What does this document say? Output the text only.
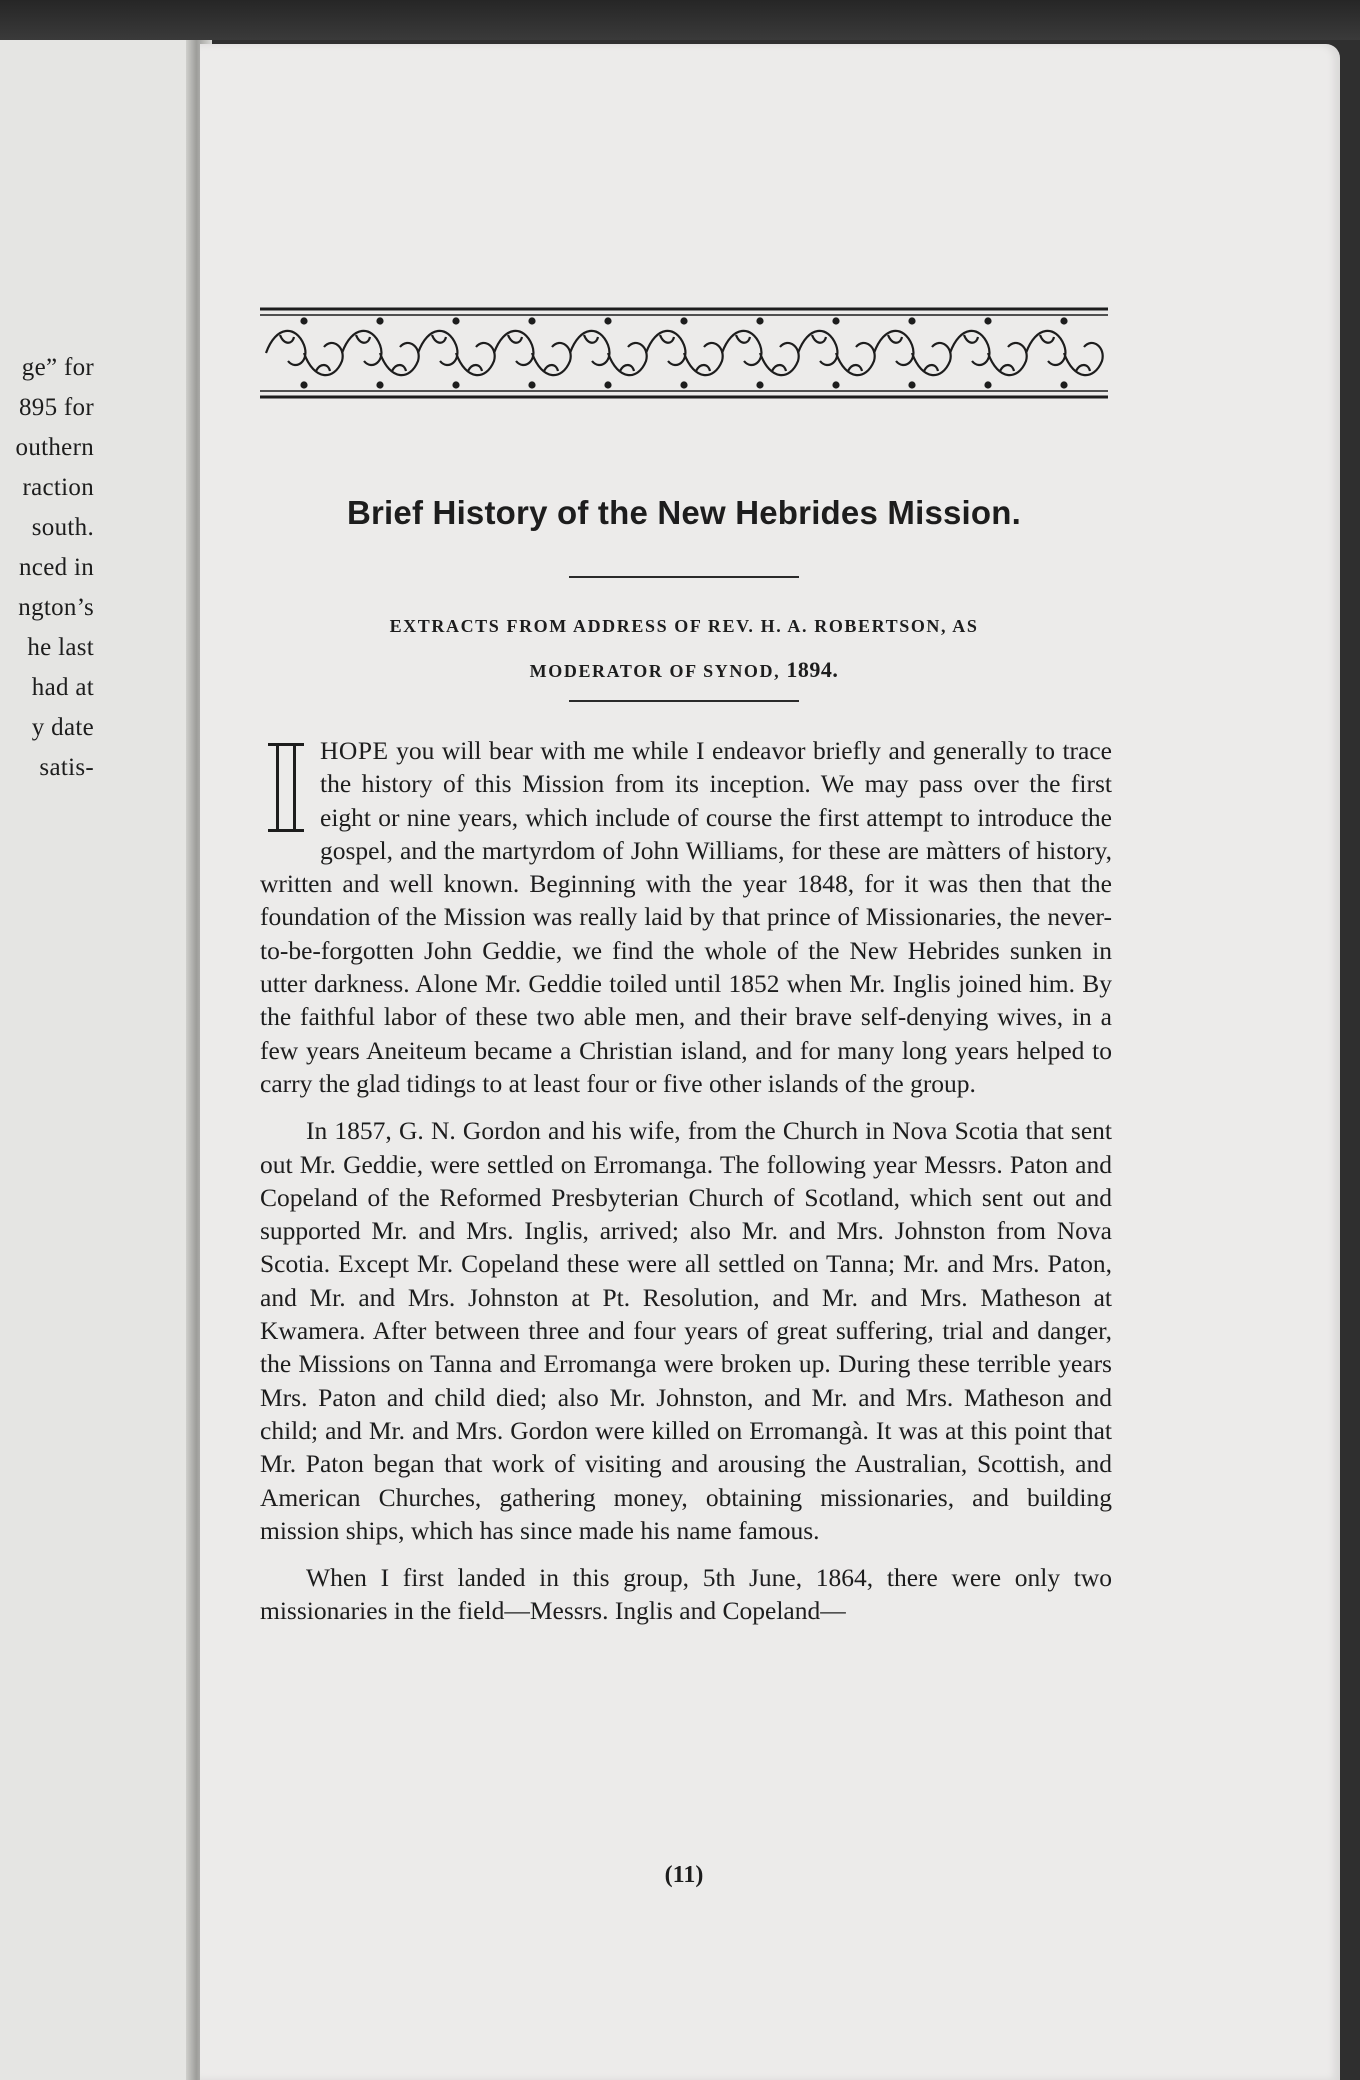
ge” for
895 for
outhern
raction
south.
nced in
ngton’s
he last
had at
y date
satis-
Brief History of the New Hebrides Mission.
EXTRACTS FROM ADDRESS OF REV. H. A. ROBERTSON, AS
MODERATOR OF SYNOD, 1894.

HOPE you will bear with me while I endeavor briefly and generally to trace the history of this Mission from its inception. We may pass over the first eight or nine years, which include of course the first attempt to introduce the gospel, and the martyrdom of John Williams, for these are màtters of history, written and well known. Beginning with the year 1848, for it was then that the foundation of the Mission was really laid by that prince of Missionaries, the never-to-be-forgotten John Geddie, we find the whole of the New Hebrides sunken in utter darkness. Alone Mr. Geddie toiled until 1852 when Mr. Inglis joined him. By the faithful labor of these two able men, and their brave self-denying wives, in a few years Aneiteum became a Christian island, and for many long years helped to carry the glad tidings to at least four or five other islands of the group.

In 1857, G. N. Gordon and his wife, from the Church in Nova Scotia that sent out Mr. Geddie, were settled on Erromanga. The following year Messrs. Paton and Copeland of the Reformed Presbyterian Church of Scotland, which sent out and supported Mr. and Mrs. Inglis, arrived; also Mr. and Mrs. Johnston from Nova Scotia. Except Mr. Copeland these were all settled on Tanna; Mr. and Mrs. Paton, and Mr. and Mrs. Johnston at Pt. Resolution, and Mr. and Mrs. Matheson at Kwamera. After between three and four years of great suffering, trial and danger, the Missions on Tanna and Erromanga were broken up. During these terrible years Mrs. Paton and child died; also Mr. Johnston, and Mr. and Mrs. Matheson and child; and Mr. and Mrs. Gordon were killed on Erromangà. It was at this point that Mr. Paton began that work of visiting and arousing the Australian, Scottish, and American Churches, gathering money, obtaining missionaries, and building mission ships, which has since made his name famous.

When I first landed in this group, 5th June, 1864, there were only two missionaries in the field—Messrs. Inglis and Copeland—

(11)
